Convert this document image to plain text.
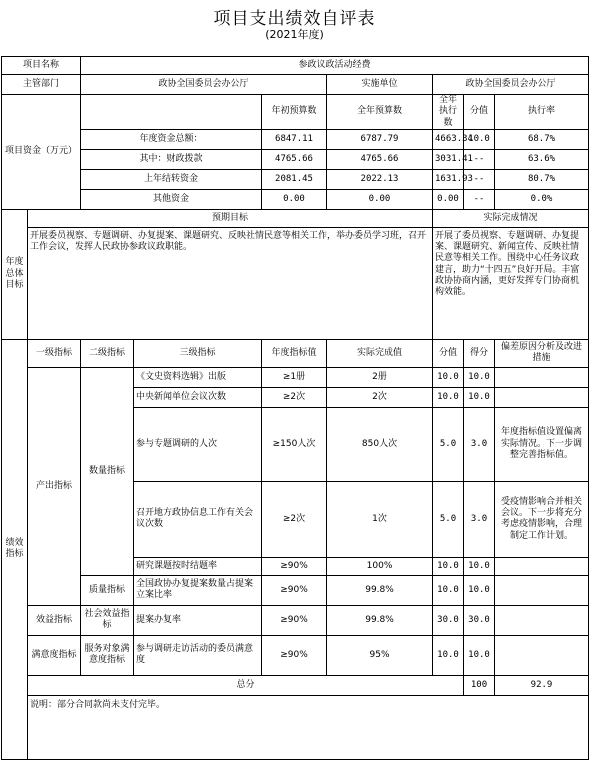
项目支出绩效自评表
(2021年度)
项目名称		参政议政活动经费							
主管部门		政协全国委员会办公厅			实施单位	政协全国委员会办公厅			
项目资金（万元）				年初预算数	全年预算数	全年执行数	分值	执行率	
		年度资金总额：		6847.11	6787.79	4663.34	10.0	68.7%	
		其中：财政拨款		4765.66	4765.66	3031.41	--	63.6%	
		上年结转资金		2081.45	2022.13	1631.93	--	80.7%	
		其他资金		0.00	0.00	0.00	--	0.0%	
年度总体目标	预期目标					实际完成情况			
	开展委员视察、专题调研、办复提案、课题研究、反映社情民意等相关工作，举办委员学习班，召开工作会议，发挥人民政协参政议政职能。					开展了委员视察、专题调研、办复提案、课题研究、新闻宣传、反映社情民意等相关工作。围绕中心任务议政建言，助力“十四五”良好开局。丰富政协协商内涵，更好发挥专门协商机构效能。			
绩效指标	一级指标	二级指标	三级指标	年度指标值	实际完成值	分值	得分	偏差原因分析及改进措施	
	产出指标	数量指标	《文史资料选辑》出版	≥1册	2册	10.0	10.0		
			中央新闻单位会议次数	≥2次	2次	10.0	10.0		
			参与专题调研的人次	≥150人次	850人次	5.0	3.0	年度指标值设置偏离实际情况。下一步调整完善指标值。	
			召开地方政协信息工作有关会议次数	≥2次	1次	5.0	3.0	受疫情影响合并相关会议。下一步将充分考虑疫情影响，合理制定工作计划。	
			研究课题按时结题率	≥90%	100%	10.0	10.0		
		质量指标	全国政协办复提案数量占提案立案比率	≥90%	99.8%	10.0	10.0		
	效益指标	社会效益指标	提案办复率	≥90%	99.8%	30.0	30.0		
	满意度指标	服务对象满意度指标	参与调研走访活动的委员满意度	≥90%	95%	10.0	10.0		
	总分						100	92.9	
	说明：部分合同款尚未支付完毕。								
